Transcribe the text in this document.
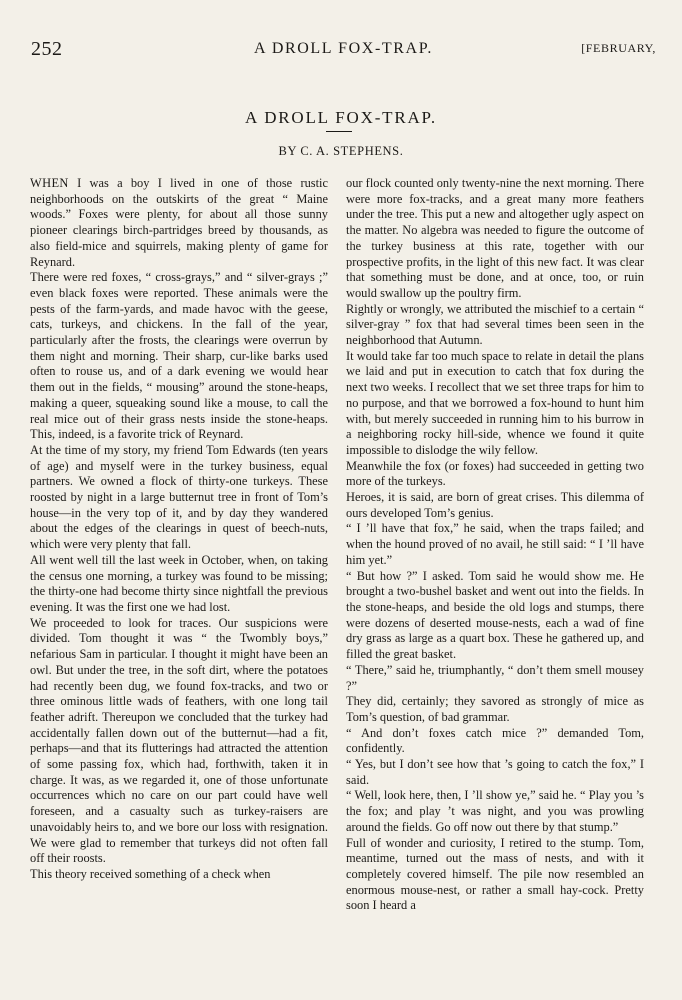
252	A DROLL FOX-TRAP.	[FEBRUARY,
A DROLL FOX-TRAP.
BY C. A. STEPHENS.

WHEN I was a boy I lived in one of those rustic neighborhoods on the outskirts of the great “ Maine woods.” Foxes were plenty, for about all those sunny pioneer clearings birch-partridges breed by thousands, as also field-mice and squirrels, making plenty of game for Reynard.

There were red foxes, “ cross-grays,” and “ silver-grays ;” even black foxes were reported. These animals were the pests of the farm-yards, and made havoc with the geese, cats, turkeys, and chickens. In the fall of the year, particularly after the frosts, the clearings were overrun by them night and morning. Their sharp, cur-like barks used often to rouse us, and of a dark evening we would hear them out in the fields, “ mousing” around the stone-heaps, making a queer, squeaking sound like a mouse, to call the real mice out of their grass nests inside the stone-heaps. This, indeed, is a favorite trick of Reynard.

At the time of my story, my friend Tom Edwards (ten years of age) and myself were in the turkey business, equal partners. We owned a flock of thirty-one turkeys. These roosted by night in a large butternut tree in front of Tom’s house—in the very top of it, and by day they wandered about the edges of the clearings in quest of beech-nuts, which were very plenty that fall.

All went well till the last week in October, when, on taking the census one morning, a turkey was found to be missing; the thirty-one had become thirty since nightfall the previous evening. It was the first one we had lost.

We proceeded to look for traces. Our suspicions were divided. Tom thought it was “ the Twombly boys,” nefarious Sam in particular. I thought it might have been an owl. But under the tree, in the soft dirt, where the potatoes had recently been dug, we found fox-tracks, and two or three ominous little wads of feathers, with one long tail feather adrift. Thereupon we concluded that the turkey had accidentally fallen down out of the butternut—had a fit, perhaps—and that its flutterings had attracted the attention of some passing fox, which had, forthwith, taken it in charge. It was, as we regarded it, one of those unfortunate occurrences which no care on our part could have well foreseen, and a casualty such as turkey-raisers are unavoidably heirs to, and we bore our loss with resignation. We were glad to remember that turkeys did not often fall off their roosts.

This theory received something of a check when

our flock counted only twenty-nine the next morning. There were more fox-tracks, and a great many more feathers under the tree. This put a new and altogether ugly aspect on the matter. No algebra was needed to figure the outcome of the turkey business at this rate, together with our prospective profits, in the light of this new fact. It was clear that something must be done, and at once, too, or ruin would swallow up the poultry firm.

Rightly or wrongly, we attributed the mischief to a certain “ silver-gray ” fox that had several times been seen in the neighborhood that Autumn.

It would take far too much space to relate in detail the plans we laid and put in execution to catch that fox during the next two weeks. I recollect that we set three traps for him to no purpose, and that we borrowed a fox-hound to hunt him with, but merely succeeded in running him to his burrow in a neighboring rocky hill-side, whence we found it quite impossible to dislodge the wily fellow.

Meanwhile the fox (or foxes) had succeeded in getting two more of the turkeys.

Heroes, it is said, are born of great crises. This dilemma of ours developed Tom’s genius.

“ I ’ll have that fox,” he said, when the traps failed; and when the hound proved of no avail, he still said: “ I ’ll have him yet.”

“ But how ?” I asked. Tom said he would show me. He brought a two-bushel basket and went out into the fields. In the stone-heaps, and beside the old logs and stumps, there were dozens of deserted mouse-nests, each a wad of fine dry grass as large as a quart box. These he gathered up, and filled the great basket.

“ There,” said he, triumphantly, “ don’t them smell mousey ?”

They did, certainly; they savored as strongly of mice as Tom’s question, of bad grammar.

“ And don’t foxes catch mice ?” demanded Tom, confidently.

“ Yes, but I don’t see how that ’s going to catch the fox,” I said.

“ Well, look here, then, I ’ll show ye,” said he. “ Play you ’s the fox; and play ’t was night, and you was prowling around the fields. Go off now out there by that stump.”

Full of wonder and curiosity, I retired to the stump. Tom, meantime, turned out the mass of nests, and with it completely covered himself. The pile now resembled an enormous mouse-nest, or rather a small hay-cock. Pretty soon I heard a
